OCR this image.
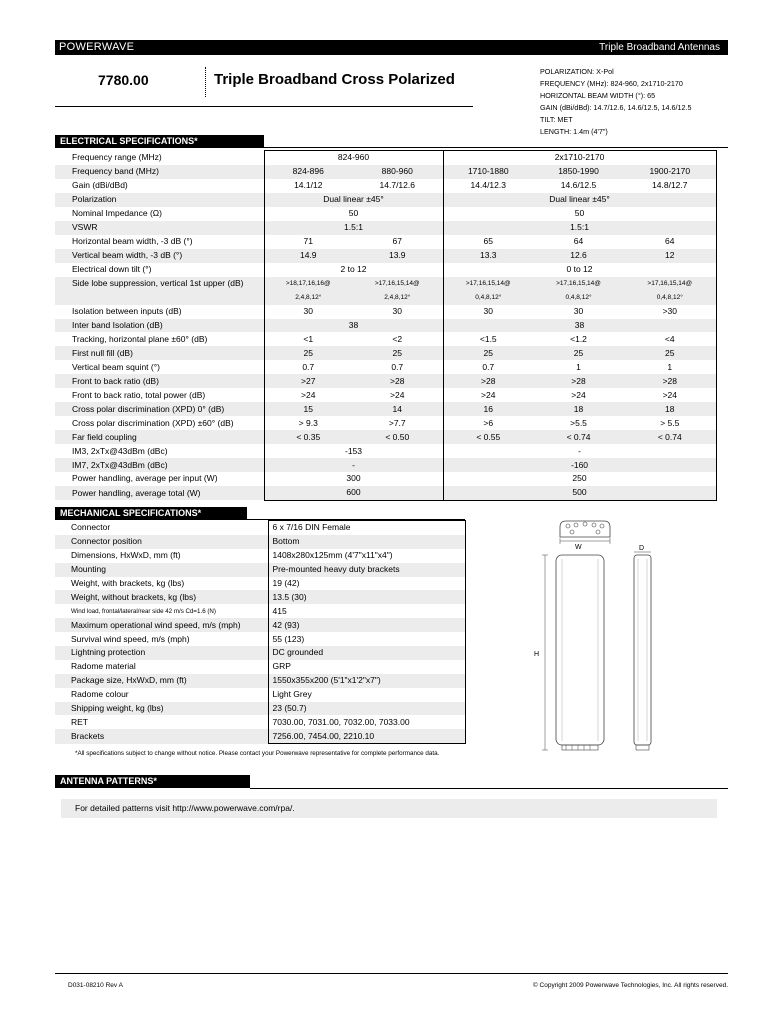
POWERWAVE	Triple Broadband Antennas
7780.00	Triple Broadband Cross Polarized	POLARIZATION: X-Pol
FREQUENCY (MHz): 824-960, 2x1710-2170
HORIZONTAL BEAM WIDTH (°): 65
GAIN (dBi/dBd): 14.7/12.6, 14.6/12.5, 14.6/12.5
TILT: MET
LENGTH: 1.4m (4'7")
ELECTRICAL SPECIFICATIONS*
Frequency range (MHz)	824-960		2x1710-2170		
Frequency band (MHz)	824-896	880-960	1710-1880	1850-1990	1900-2170
Gain (dBi/dBd)	14.1/12	14.7/12.6	14.4/12.3	14.6/12.5	14.8/12.7
Polarization	Dual linear ±45°		Dual linear ±45°		
Nominal Impedance (Ω)	50		50		
VSWR	1.5:1		1.5:1		
Horizontal beam width, -3 dB (°)	71	67	65	64	64
Vertical beam width, -3 dB (°)	14.9	13.9	13.3	12.6	12
Electrical down tilt (°)	2 to 12		0 to 12		
Side lobe suppression, vertical 1st upper (dB)	>18,17,16,16@
2,4,8,12°	>17,16,15,14@
2,4,8,12°	>17,16,15,14@
0,4,8,12°	>17,16,15,14@
0,4,8,12°	>17,16,15,14@
0,4,8,12°

Isolation between inputs (dB)	30	30	30	30	>30
Inter band Isolation (dB)	38		38		
Tracking, horizontal plane ±60° (dB)	<1	<2	<1.5	<1.2	<4
First null fill (dB)	25	25	25	25	25
Vertical beam squint (°)	0.7	0.7	0.7	1	1
Front to back ratio (dB)	>27	>28	>28	>28	>28
Front to back ratio, total power (dB)	>24	>24	>24	>24	>24
Cross polar discrimination (XPD) 0° (dB)	15	14	16	18	18
Cross polar discrimination (XPD) ±60° (dB)	> 9.3	>7.7	>6	>5.5	> 5.5
Far field coupling	< 0.35	< 0.50	< 0.55	< 0.74	< 0.74
IM3, 2xTx@43dBm (dBc)	-153		-		
IM7, 2xTx@43dBm (dBc)	-		-160		
Power handling, average per input (W)	300		250		
Power handling, average total (W)	600		500		
MECHANICAL SPECIFICATIONS*
Connector	6 x 7/16 DIN Female
Connector position	Bottom
Dimensions, HxWxD, mm (ft)	1408x280x125mm (4'7"x11"x4")
Mounting	Pre-mounted heavy duty brackets
Weight, with brackets, kg (lbs)	19 (42)
Weight, without brackets, kg (lbs)	13.5 (30)
Wind load, frontal/lateral/rear side 42 m/s Cd=1.6 (N)	415
Maximum operational wind speed, m/s (mph)	42 (93)
Survival wind speed, m/s (mph)	55 (123)
Lightning protection	DC grounded
Radome material	GRP
Package size, HxWxD, mm (ft)	1550x355x200 (5'1"x1'2"x7")
Radome colour	Light Grey
Shipping weight, kg (lbs)	23 (50.7)
RET	7030.00, 7031.00, 7032.00, 7033.00
Brackets	7256.00, 7454.00, 2210.10
*All specifications subject to change without notice. Please contact your Powerwave representative for complete performance data.
W
H
D
ANTENNA PATTERNS*
For detailed patterns visit http://www.powerwave.com/rpa/.
D031-08210 Rev A	© Copyright 2009 Powerwave Technologies, Inc. All rights reserved.
